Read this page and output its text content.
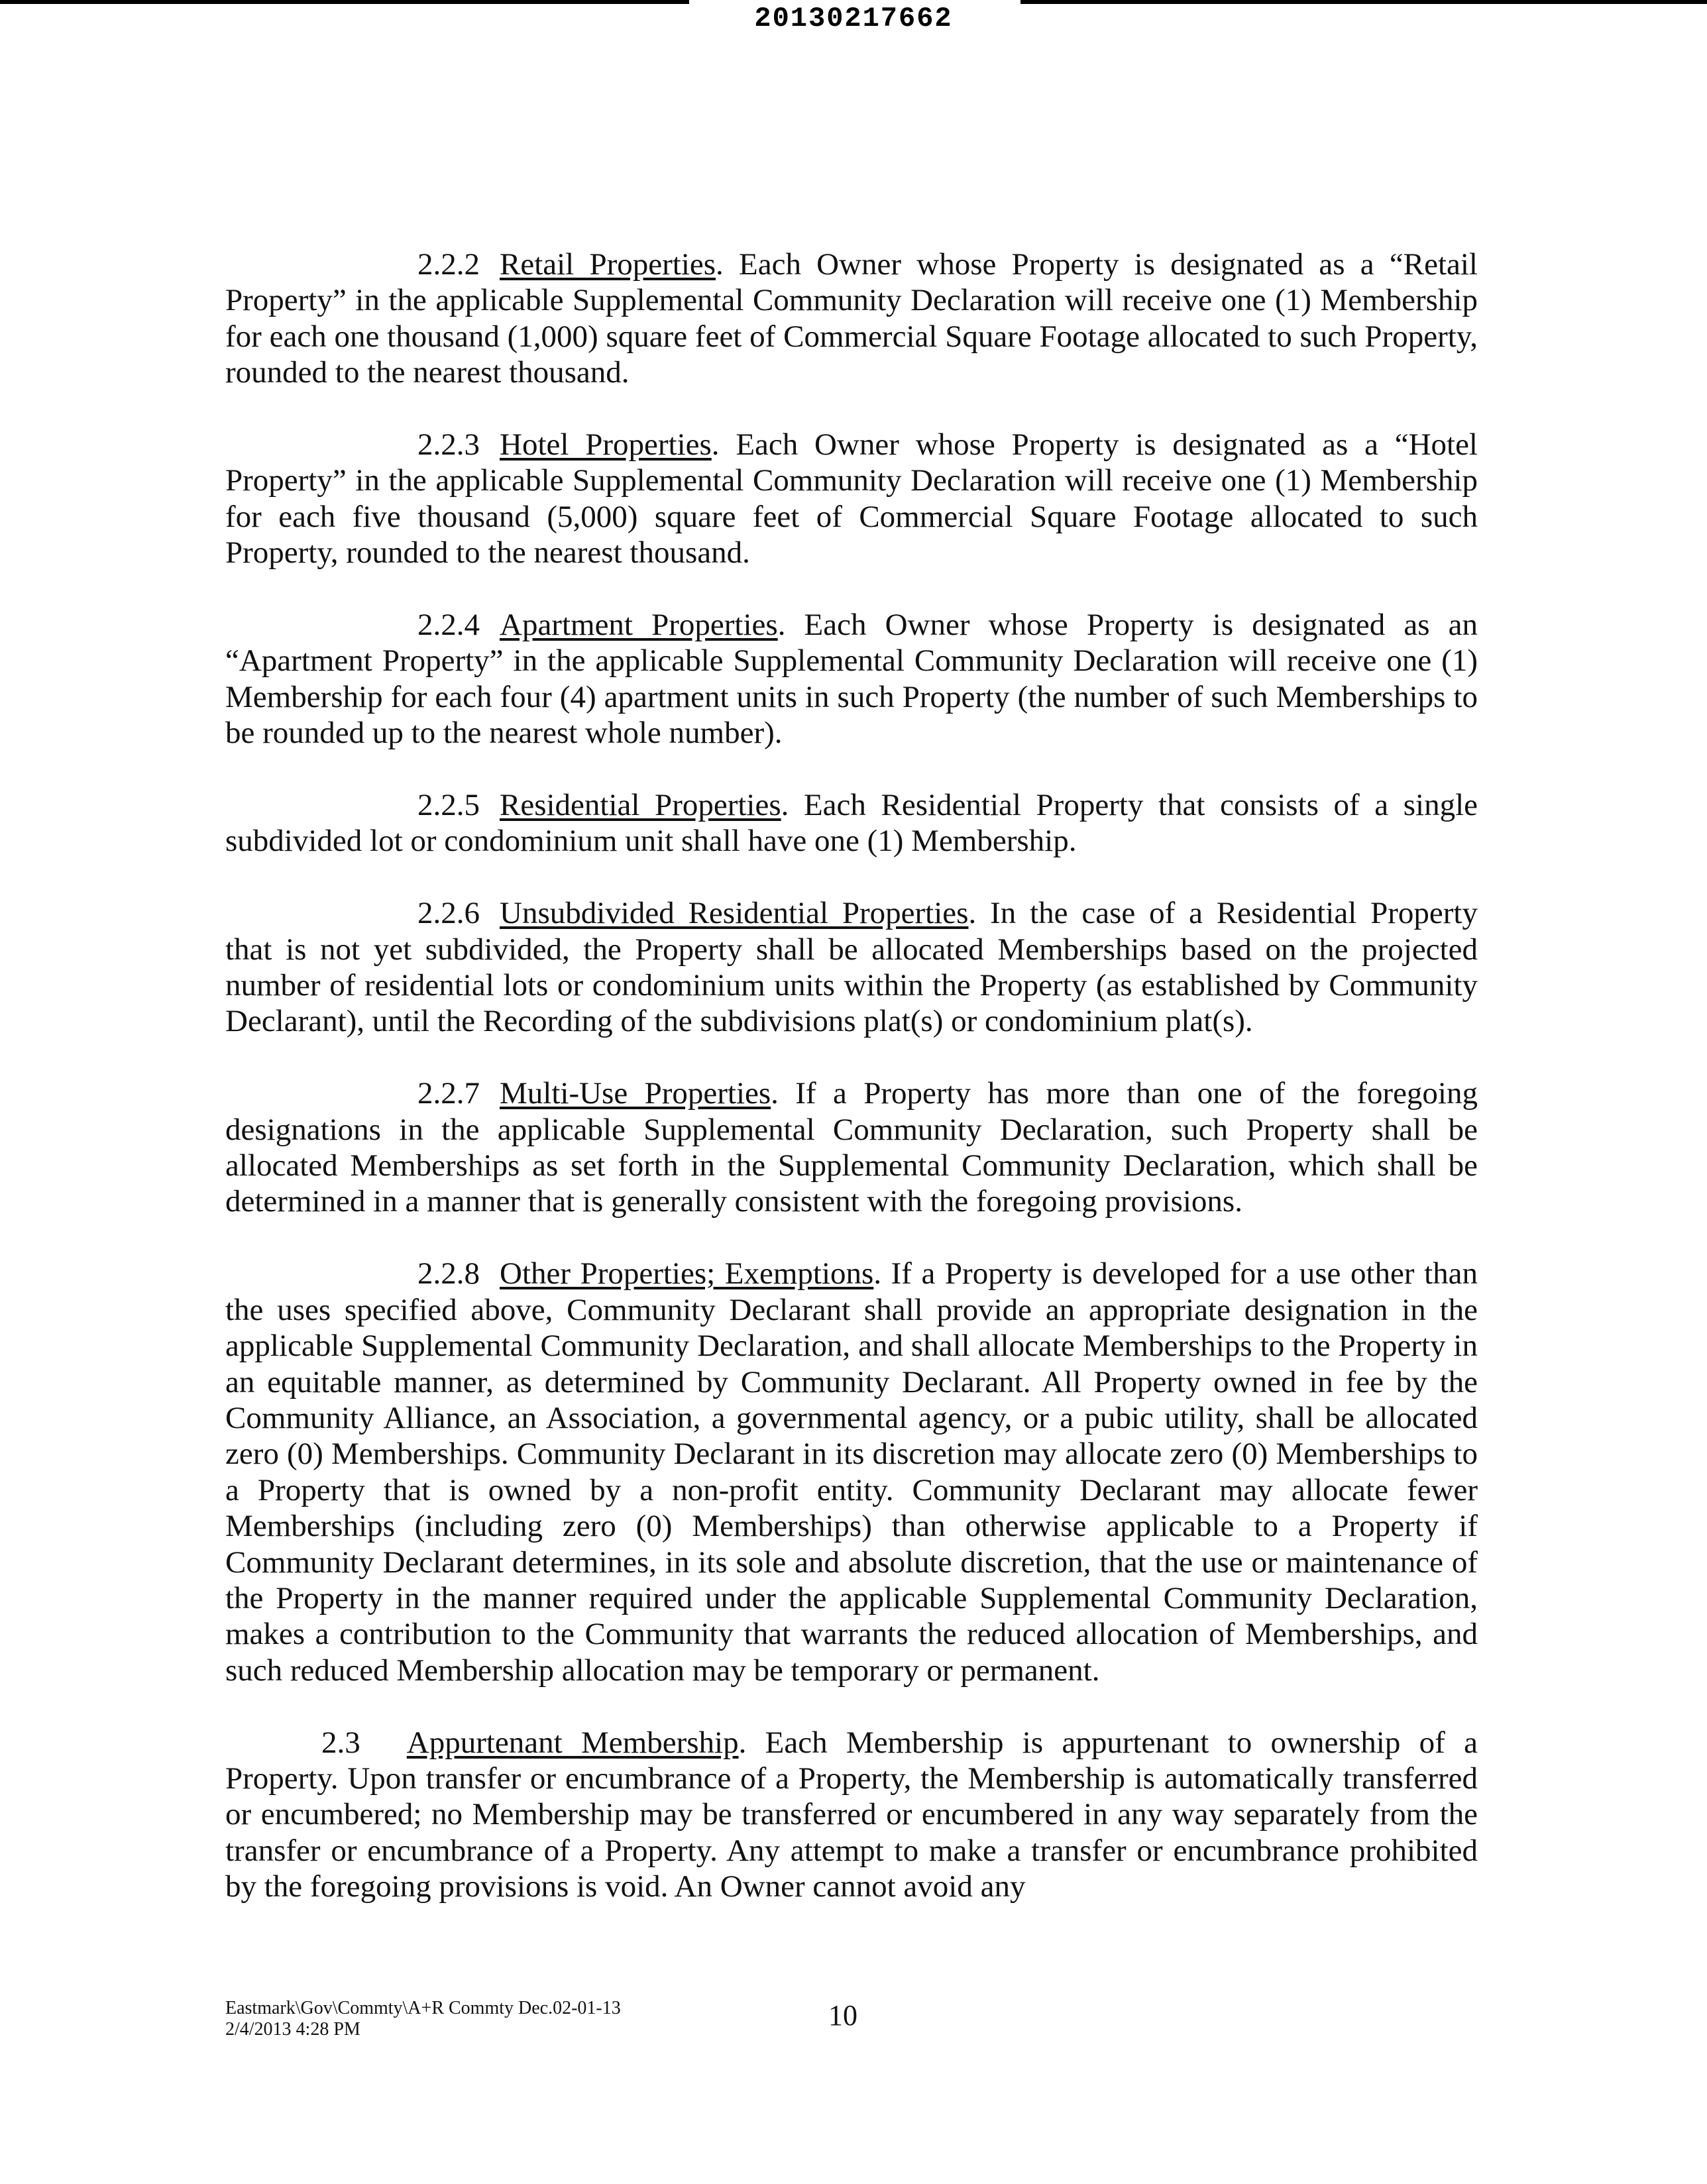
20130217662

2.2.2 Retail Properties. Each Owner whose Property is designated as a “Retail Property” in the applicable Supplemental Community Declaration will receive one (1) Membership for each one thousand (1,000) square feet of Commercial Square Footage allocated to such Property, rounded to the nearest thousand.

2.2.3 Hotel Properties. Each Owner whose Property is designated as a “Hotel Property” in the applicable Supplemental Community Declaration will receive one (1) Membership for each five thousand (5,000) square feet of Commercial Square Footage allocated to such Property, rounded to the nearest thousand.

2.2.4 Apartment Properties. Each Owner whose Property is designated as an “Apartment Property” in the applicable Supplemental Community Declaration will receive one (1) Membership for each four (4) apartment units in such Property (the number of such Memberships to be rounded up to the nearest whole number).

2.2.5 Residential Properties. Each Residential Property that consists of a single subdivided lot or condominium unit shall have one (1) Membership.

2.2.6 Unsubdivided Residential Properties. In the case of a Residential Property that is not yet subdivided, the Property shall be allocated Memberships based on the projected number of residential lots or condominium units within the Property (as established by Community Declarant), until the Recording of the subdivisions plat(s) or condominium plat(s).

2.2.7 Multi-Use Properties. If a Property has more than one of the foregoing designations in the applicable Supplemental Community Declaration, such Property shall be allocated Memberships as set forth in the Supplemental Community Declaration, which shall be determined in a manner that is generally consistent with the foregoing provisions.

2.2.8 Other Properties; Exemptions. If a Property is developed for a use other than the uses specified above, Community Declarant shall provide an appropriate designation in the applicable Supplemental Community Declaration, and shall allocate Memberships to the Property in an equitable manner, as determined by Community Declarant. All Property owned in fee by the Community Alliance, an Association, a governmental agency, or a pubic utility, shall be allocated zero (0) Memberships. Community Declarant in its discretion may allocate zero (0) Memberships to a Property that is owned by a non-profit entity. Community Declarant may allocate fewer Memberships (including zero (0) Memberships) than otherwise applicable to a Property if Community Declarant determines, in its sole and absolute discretion, that the use or maintenance of the Property in the manner required under the applicable Supplemental Community Declaration, makes a contribution to the Community that warrants the reduced allocation of Memberships, and such reduced Membership allocation may be temporary or permanent.

2.3 Appurtenant Membership. Each Membership is appurtenant to ownership of a Property. Upon transfer or encumbrance of a Property, the Membership is automatically transferred or encumbered; no Membership may be transferred or encumbered in any way separately from the transfer or encumbrance of a Property. Any attempt to make a transfer or encumbrance prohibited by the foregoing provisions is void. An Owner cannot avoid any

Eastmark\Gov\Commty\A+R Commty Dec.02-01-13
2/4/2013 4:28 PM	10
